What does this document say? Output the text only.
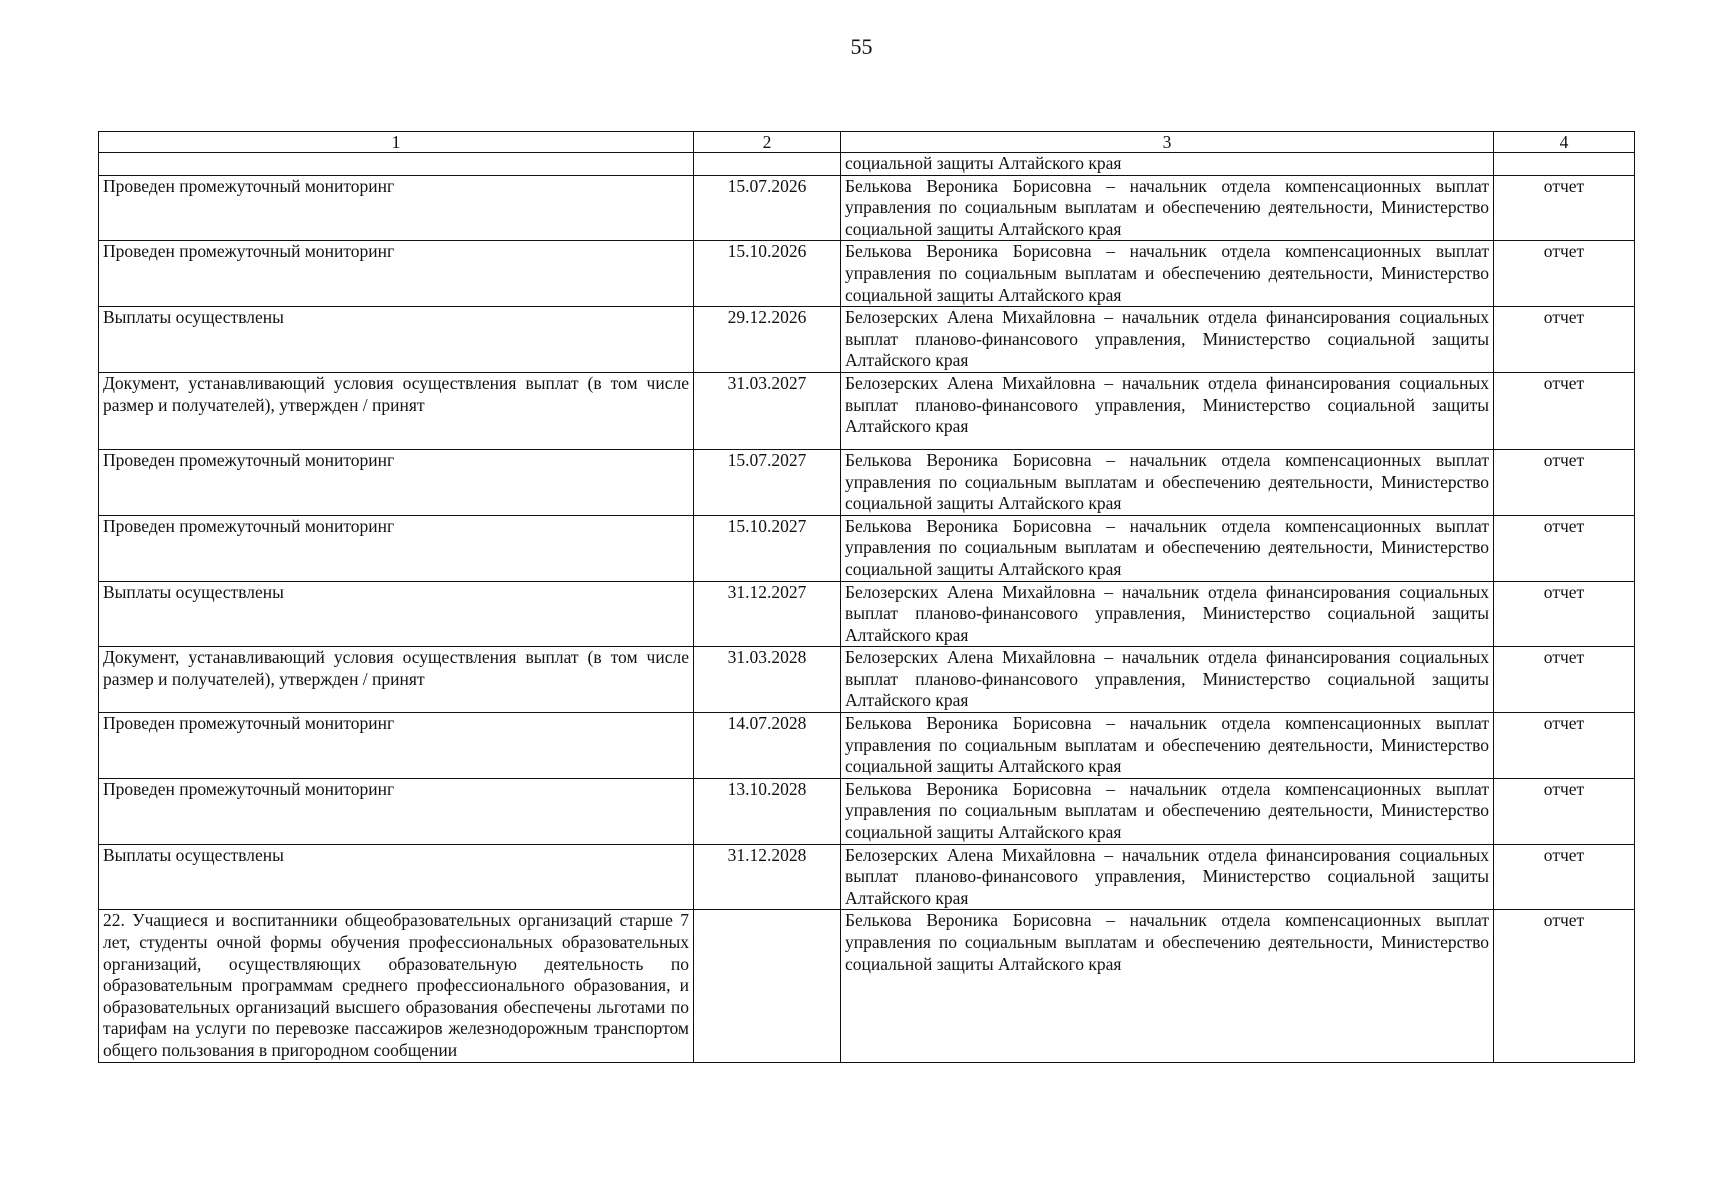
55
1	2	3	4
		социальной защиты Алтайского края	
Проведен промежуточный мониторинг	15.07.2026	Белькова Вероника Борисовна – начальник отдела компенсационных выплат управления по социальным выплатам и обеспечению деятельности, Министерство социальной защиты Алтайского края	отчет
Проведен промежуточный мониторинг	15.10.2026	Белькова Вероника Борисовна – начальник отдела компенсационных выплат управления по социальным выплатам и обеспечению деятельности, Министерство социальной защиты Алтайского края	отчет
Выплаты осуществлены	29.12.2026	Белозерских Алена Михайловна – начальник отдела финансирования социальных выплат планово-финансового управления, Министерство социальной защиты Алтайского края	отчет
Документ, устанавливающий условия осуществления выплат (в том числе размер и получателей), утвержден / принят	31.03.2027	Белозерских Алена Михайловна – начальник отдела финансирования социальных выплат планово-финансового управления, Министерство социальной защиты Алтайского края	отчет
Проведен промежуточный мониторинг	15.07.2027	Белькова Вероника Борисовна – начальник отдела компенсационных выплат управления по социальным выплатам и обеспечению деятельности, Министерство социальной защиты Алтайского края	отчет
Проведен промежуточный мониторинг	15.10.2027	Белькова Вероника Борисовна – начальник отдела компенсационных выплат управления по социальным выплатам и обеспечению деятельности, Министерство социальной защиты Алтайского края	отчет
Выплаты осуществлены	31.12.2027	Белозерских Алена Михайловна – начальник отдела финансирования социальных выплат планово-финансового управления, Министерство социальной защиты Алтайского края	отчет
Документ, устанавливающий условия осуществления выплат (в том числе размер и получателей), утвержден / принят	31.03.2028	Белозерских Алена Михайловна – начальник отдела финансирования социальных выплат планово-финансового управления, Министерство социальной защиты Алтайского края	отчет
Проведен промежуточный мониторинг	14.07.2028	Белькова Вероника Борисовна – начальник отдела компенсационных выплат управления по социальным выплатам и обеспечению деятельности, Министерство социальной защиты Алтайского края	отчет
Проведен промежуточный мониторинг	13.10.2028	Белькова Вероника Борисовна – начальник отдела компенсационных выплат управления по социальным выплатам и обеспечению деятельности, Министерство социальной защиты Алтайского края	отчет
Выплаты осуществлены	31.12.2028	Белозерских Алена Михайловна – начальник отдела финансирования социальных выплат планово-финансового управления, Министерство социальной защиты Алтайского края	отчет
22. Учащиеся и воспитанники общеобразовательных организаций старше 7 лет, студенты очной формы обучения профессиональных образовательных организаций, осуществляющих образовательную деятельность по образовательным программам среднего профессионального образования, и образовательных организаций высшего образования обеспечены льготами по тарифам на услуги по перевозке пассажиров железнодорожным транспортом общего пользования в пригородном сообщении		Белькова Вероника Борисовна – начальник отдела компенсационных выплат управления по социальным выплатам и обеспечению деятельности, Министерство социальной защиты Алтайского края	отчет
